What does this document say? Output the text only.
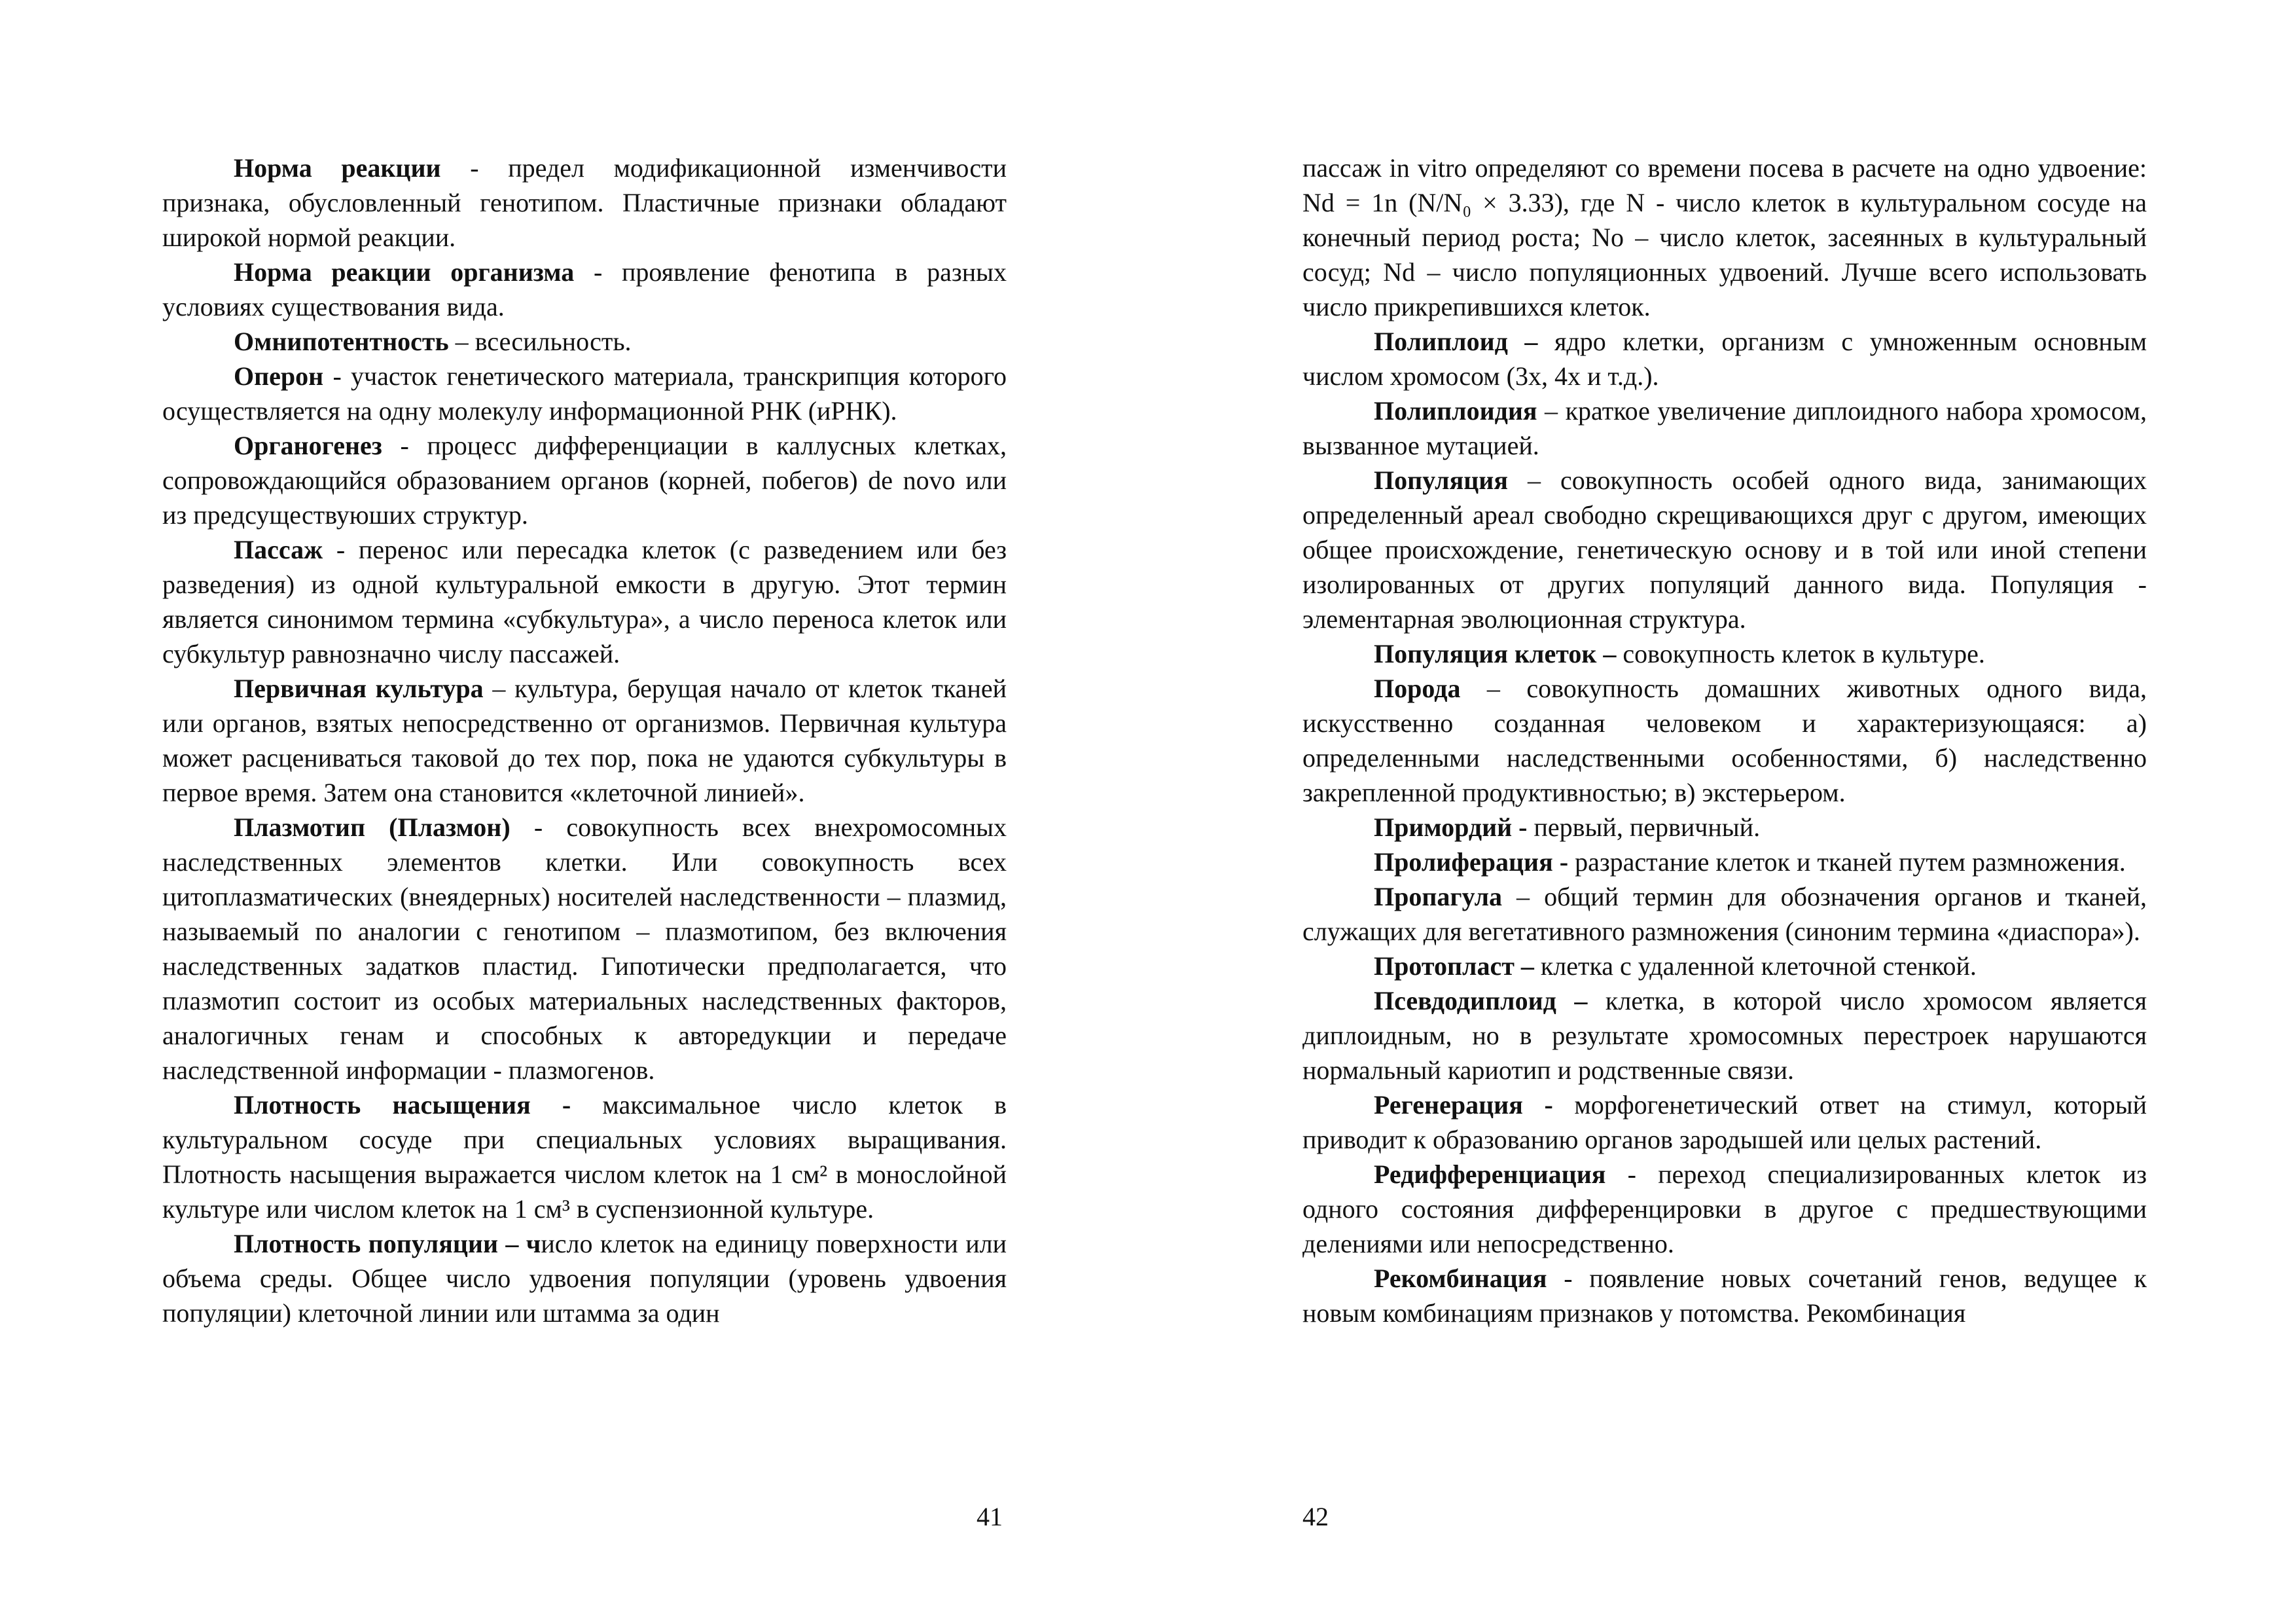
Норма реакции - предел модификационной изменчивости признака, обусловленный генотипом. Пластичные признаки обладают широкой нормой реакции.

Норма реакции организма - проявление фенотипа в разных условиях существования вида.

Омнипотентность – всесильность.

Оперон - участок генетического материала, транскрипция которого осуществляется на одну молекулу информационной РНК (иРНК).

Органогенез - процесс дифференциации в каллусных клетках, сопровождающийся образованием органов (корней, побегов) de novo или из предсуществуюших структур.

Пассаж - перенос или пересадка клеток (с разведением или без разведения) из одной культуральной емкости в другую. Этот термин является синонимом термина «субкультура», а число переноса клеток или субкультур равнозначно числу пассажей.

Первичная культура – культура, берущая начало от клеток тканей или органов, взятых непосредственно от организмов. Первичная культура может расцениваться таковой до тех пор, пока не удаются субкультуры в первое время. Затем она становится «клеточной линией».

Плазмотип (Плазмон) - совокупность всех внехромосомных наследственных элементов клетки. Или совокупность всех цитоплазматических (внеядерных) носителей наследственности – плазмид, называемый по аналогии с генотипом – плазмотипом, без включения наследственных задатков пластид. Гипотически предполагается, что плазмотип состоит из особых материальных наследственных факторов, аналогичных генам и способных к авторедукции и передаче наследственной информации - плазмогенов.

Плотность насыщения - максимальное число клеток в культуральном сосуде при специальных условиях выращивания. Плотность насыщения выражается числом клеток на 1 см² в монослойной культуре или числом клеток на 1 см³ в суспензионной культуре.

Плотность популяции – число клеток на единицу поверхности или объема среды. Общее число удвоения популяции (уровень удвоения популяции) клеточной линии или штамма за один

41

пассаж in vitro определяют со времени посева в расчете на одно удвоение: Nd = 1n (N/N₀ × 3.33), где N - число клеток в культуральном сосуде на конечный период роста; No – число клеток, засеянных в культуральный сосуд; Nd – число популяционных удвоений. Лучше всего использовать число прикрепившихся клеток.

Полиплоид – ядро клетки, организм с умноженным основным числом хромосом (3х, 4х и т.д.).

Полиплоидия – краткое увеличение диплоидного набора хромосом, вызванное мутацией.

Популяция – совокупность особей одного вида, занимающих определенный ареал свободно скрещивающихся друг с другом, имеющих общее происхождение, генетическую основу и в той или иной степени изолированных от других популяций данного вида. Популяция - элементарная эволюционная структура.

Популяция клеток – совокупность клеток в культуре.

Порода – совокупность домашних животных одного вида, искусственно созданная человеком и характеризующаяся: а) определенными наследственными особенностями, б) наследственно закрепленной продуктивностью; в) экстерьером.

Примордий - первый, первичный.

Пролиферация - разрастание клеток и тканей путем размножения.

Пропагула – общий термин для обозначения органов и тканей, служащих для вегетативного размножения (синоним термина «диаспора»).

Протопласт – клетка с удаленной клеточной стенкой.

Псевдодиплоид – клетка, в которой число хромосом является диплоидным, но в результате хромосомных перестроек нарушаются нормальный кариотип и родственные связи.

Регенерация - морфогенетический ответ на стимул, который приводит к образованию органов зародышей или целых растений.

Редифференциация - переход специализированных клеток из одного состояния дифференцировки в другое с предшествующими делениями или непосредственно.

Рекомбинация - появление новых сочетаний генов, ведущее к новым комбинациям признаков у потомства. Рекомбинация

42
